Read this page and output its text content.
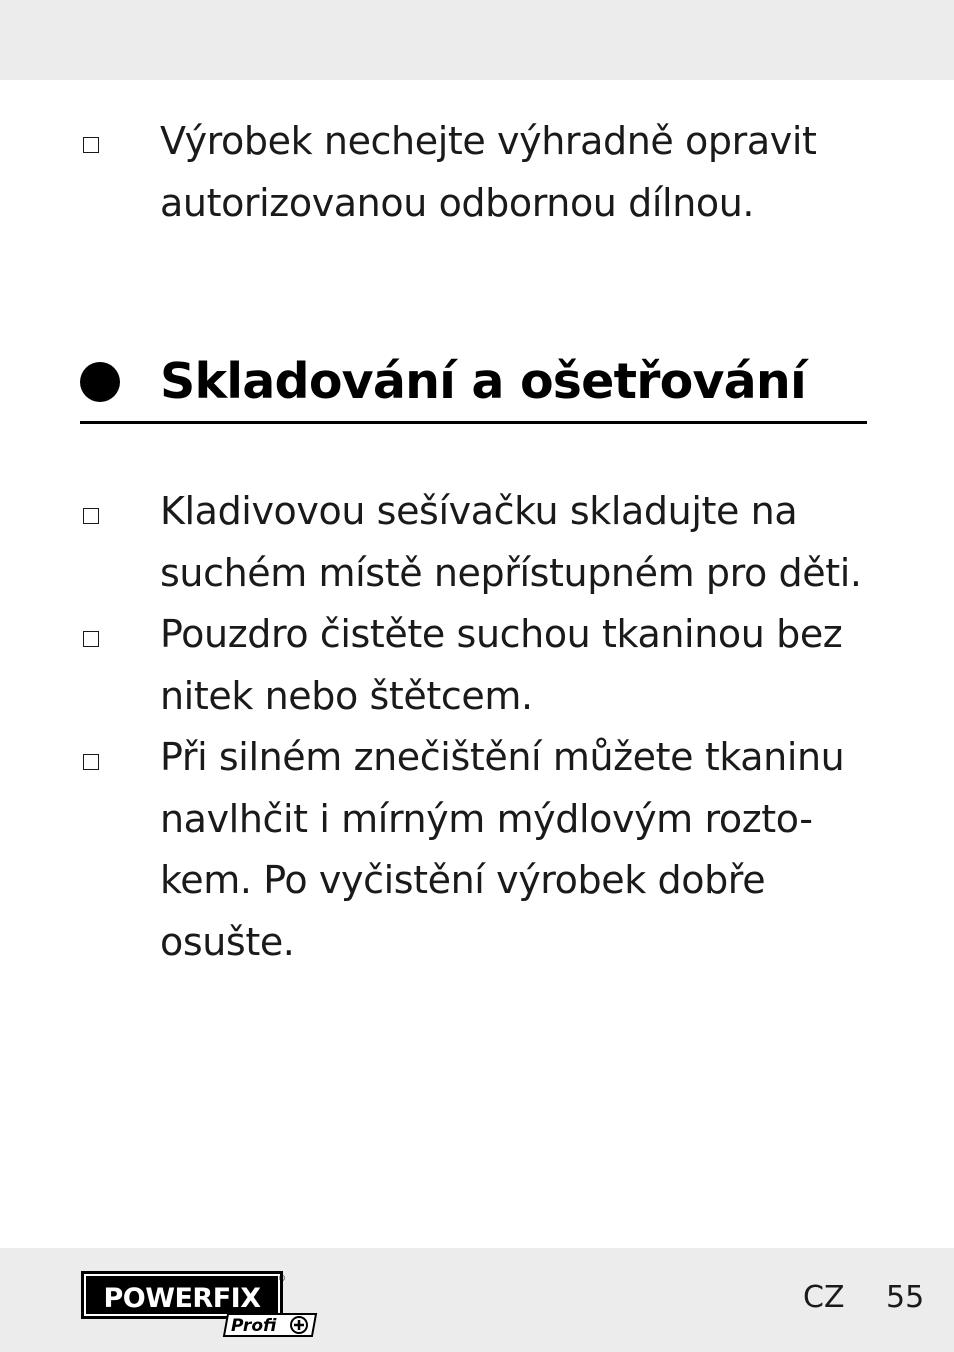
Výrobek nechejte výhradně opravit
autorizovanou odbornou dílnou.
Skladování a ošetřování
Kladivovou sešívačku skladujte na
suchém místě nepřístupném pro děti.
Pouzdro čistěte suchou tkaninou bez
nitek nebo štětcem.
Při silném znečištění můžete tkaninu
navlhčit i mírným mýdlovým rozto-
kem. Po vyčistění výrobek dobře
osušte.
POWERFIX
®
Profi
CZ 55
